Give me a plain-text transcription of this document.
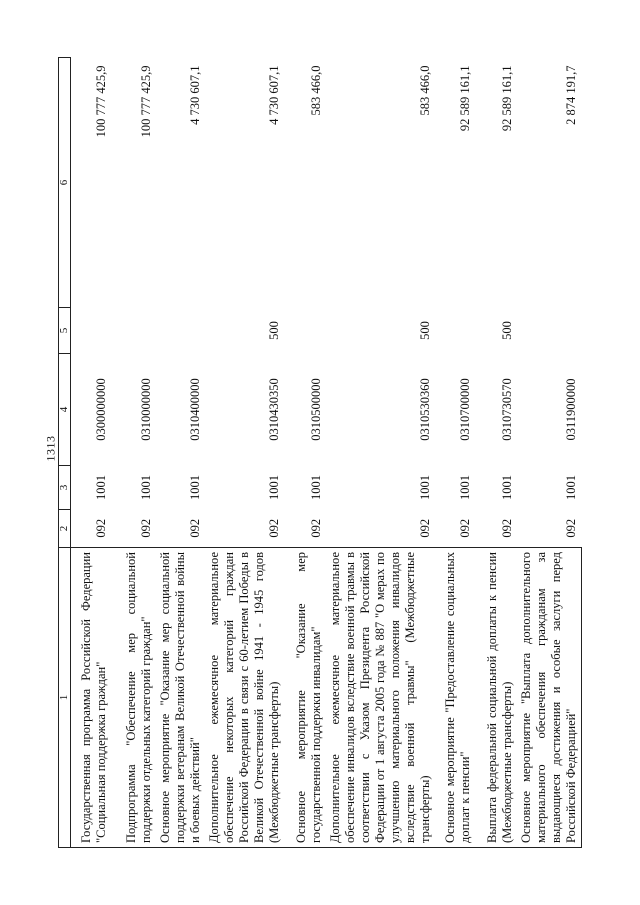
1313
1	2	3	4	5	6
Государственная программа Российской Федерации "Социальная поддержка граждан"	092	1001	0300000000		100 777 425,9
Подпрограмма "Обеспечение мер социальной поддержки отдельных категорий граждан"	092	1001	0310000000		100 777 425,9
Основное мероприятие "Оказание мер социальной поддержки ветеранам Великой Отечественной войны и боевых действий"	092	1001	0310400000		4 730 607,1
Дополнительное ежемесячное материальное обеспечение некоторых категорий граждан Российской Федерации в связи с 60-летием Победы в Великой Отечественной войне 1941 - 1945 годов (Межбюджетные трансферты)	092	1001	0310430350	500	4 730 607,1
Основное мероприятие "Оказание мер государственной поддержки инвалидам"	092	1001	0310500000		583 466,0
Дополнительное ежемесячное материальное обеспечение инвалидов вследствие военной травмы в соответствии с Указом Президента Российской Федерации от 1 августа 2005 года № 887 "О мерах по улучшению материального положения инвалидов вследствие военной травмы" (Межбюджетные трансферты)	092	1001	0310530360	500	583 466,0
Основное мероприятие "Предоставление социальных доплат к пенсии"	092	1001	0310700000		92 589 161,1
Выплата федеральной социальной доплаты к пенсии (Межбюджетные трансферты)	092	1001	0310730570	500	92 589 161,1
Основное мероприятие "Выплата дополнительного материального обеспечения гражданам за выдающиеся достижения и особые заслуги перед Российской Федерацией"	092	1001	0311900000		2 874 191,7
